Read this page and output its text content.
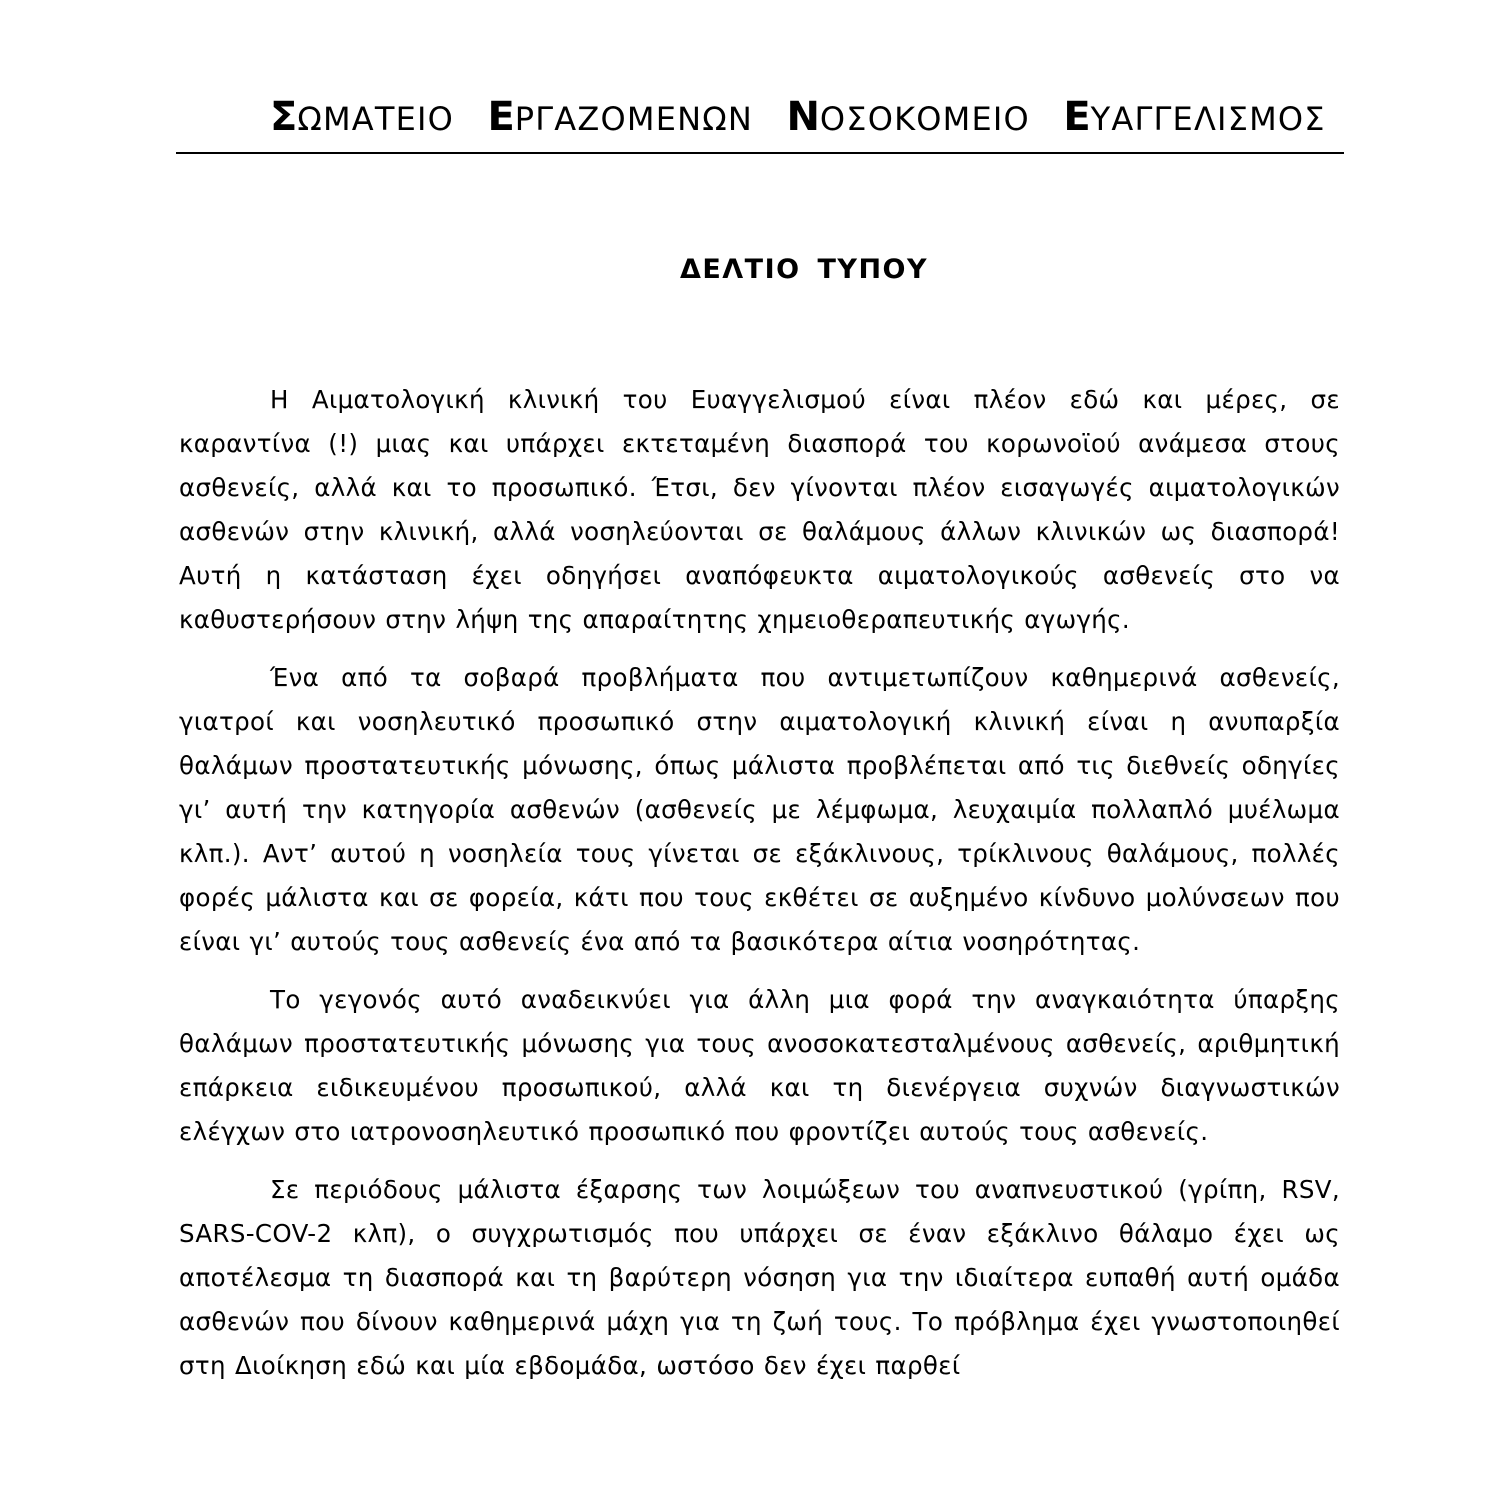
ΣΩΜΑΤΕΙΟ ΕΡΓΑΖΟΜΕΝΩΝ ΝΟΣΟΚΟΜΕΙΟ ΕΥΑΓΓΕΛΙΣΜΟΣ
ΔΕΛΤΙΟ ΤΥΠΟΥ

Η Αιματολογική κλινική του Ευαγγελισμού είναι πλέον εδώ και μέρες, σε καραντίνα (!) μιας και υπάρχει εκτεταμένη διασπορά του κορωνοϊού ανάμεσα στους ασθενείς, αλλά και το προσωπικό. Έτσι, δεν γίνονται πλέον εισαγωγές αιματολογικών ασθενών στην κλινική, αλλά νοσηλεύονται σε θαλάμους άλλων κλινικών ως διασπορά! Αυτή η κατάσταση έχει οδηγήσει αναπόφευκτα αιματολογικούς ασθενείς στο να καθυστερήσουν στην λήψη της απαραίτητης χημειοθεραπευτικής αγωγής.

Ένα από τα σοβαρά προβλήματα που αντιμετωπίζουν καθημερινά ασθενείς, γιατροί και νοσηλευτικό προσωπικό στην αιματολογική κλινική είναι η ανυπαρξία θαλάμων προστατευτικής μόνωσης, όπως μάλιστα προβλέπεται από τις διεθνείς οδηγίες γι’ αυτή την κατηγορία ασθενών (ασθενείς με λέμφωμα, λευχαιμία πολλαπλό μυέλωμα κλπ.). Αντ’ αυτού η νοσηλεία τους γίνεται σε εξάκλινους, τρίκλινους θαλάμους, πολλές φορές μάλιστα και σε φορεία, κάτι που τους εκθέτει σε αυξημένο κίνδυνο μολύνσεων που είναι γι’ αυτούς τους ασθενείς ένα από τα βασικότερα αίτια νοσηρότητας.

Το γεγονός αυτό αναδεικνύει για άλλη μια φορά την αναγκαιότητα ύπαρξης θαλάμων προστατευτικής μόνωσης για τους ανοσοκατεσταλμένους ασθενείς, αριθμητική επάρκεια ειδικευμένου προσωπικού, αλλά και τη διενέργεια συχνών διαγνωστικών ελέγχων στο ιατρονοσηλευτικό προσωπικό που φροντίζει αυτούς τους ασθενείς.

Σε περιόδους μάλιστα έξαρσης των λοιμώξεων του αναπνευστικού (γρίπη, RSV, SARS-COV-2 κλπ), ο συγχρωτισμός που υπάρχει σε έναν εξάκλινο θάλαμο έχει ως αποτέλεσμα τη διασπορά και τη βαρύτερη νόσηση για την ιδιαίτερα ευπαθή αυτή ομάδα ασθενών που δίνουν καθημερινά μάχη για τη ζωή τους. Το πρόβλημα έχει γνωστοποιηθεί στη Διοίκηση εδώ και μία εβδομάδα, ωστόσο δεν έχει παρθεί
